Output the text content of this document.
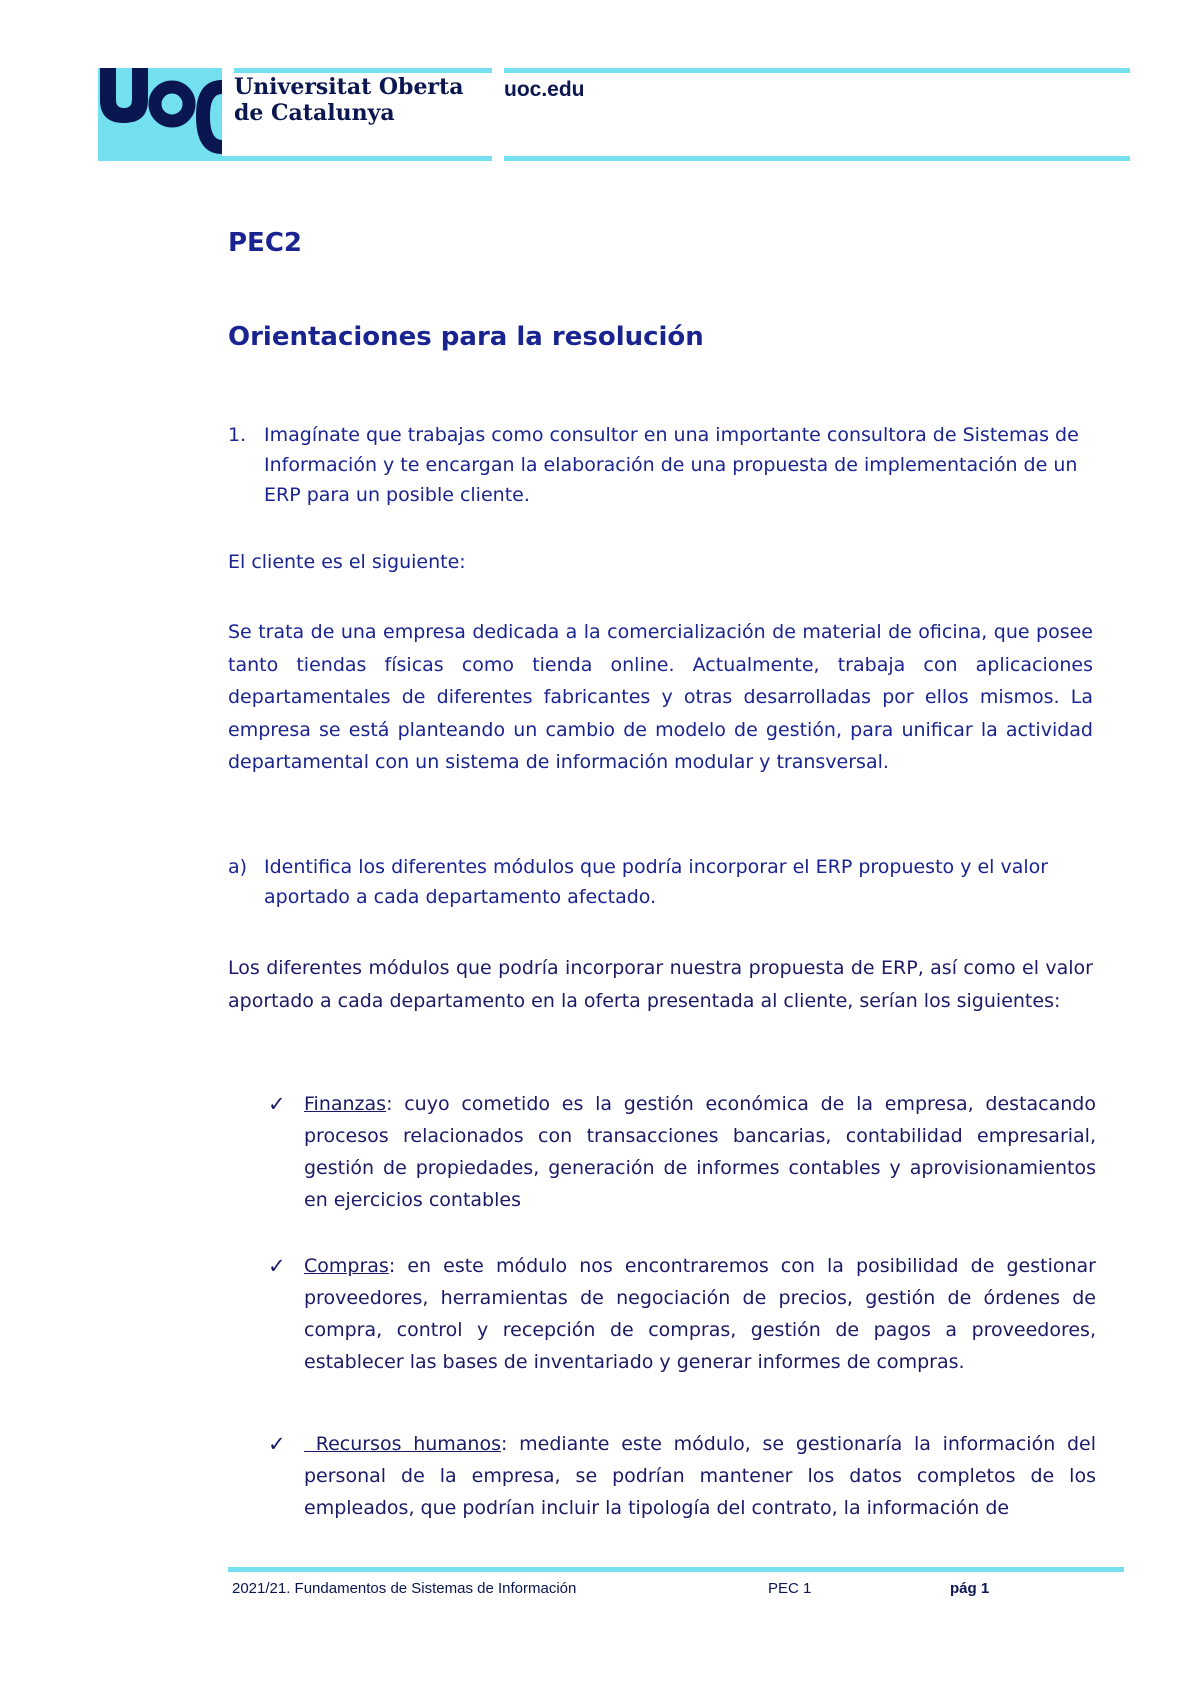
Universitat Oberta
de Catalunya
uoc.edu
PEC2
Orientaciones para la resolución
1. Imagínate que trabajas como consultor en una importante consultora de Sistemas de Información y te encargan la elaboración de una propuesta de implementación de un ERP para un posible cliente.
El cliente es el siguiente:
Se trata de una empresa dedicada a la comercialización de material de oficina, que posee tanto tiendas físicas como tienda online. Actualmente, trabaja con aplicaciones departamentales de diferentes fabricantes y otras desarrolladas por ellos mismos. La empresa se está planteando un cambio de modelo de gestión, para unificar la actividad departamental con un sistema de información modular y transversal.
a) Identifica los diferentes módulos que podría incorporar el ERP propuesto y el valor aportado a cada departamento afectado.
Los diferentes módulos que podría incorporar nuestra propuesta de ERP, así como el valor aportado a cada departamento en la oferta presentada al cliente, serían los siguientes:
✓ Finanzas: cuyo cometido es la gestión económica de la empresa, destacando procesos relacionados con transacciones bancarias, contabilidad empresarial, gestión de propiedades, generación de informes contables y aprovisionamientos en ejercicios contables
✓ Compras: en este módulo nos encontraremos con la posibilidad de gestionar proveedores, herramientas de negociación de precios, gestión de órdenes de compra, control y recepción de compras, gestión de pagos a proveedores, establecer las bases de inventariado y generar informes de compras.
✓ Recursos humanos: mediante este módulo, se gestionaría la información del personal de la empresa, se podrían mantener los datos completos de los empleados, que podrían incluir la tipología del contrato, la información de
2021/21. Fundamentos de Sistemas de Información	PEC 1	pág 1
